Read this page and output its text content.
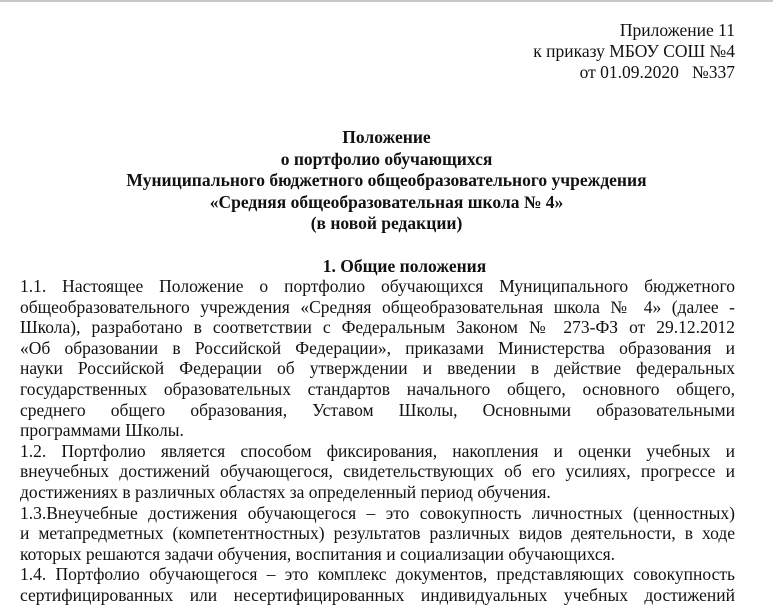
Приложение 11
к приказу МБОУ СОШ №4
от 01.09.2020   №337
Положение
о портфолио обучающихся
Муниципального бюджетного общеобразовательного учреждения
«Средняя общеобразовательная школа № 4»
(в новой редакции)
1. Общие положения
1.1. Настоящее Положение о портфолио обучающихся Муниципального бюджетного
общеобразовательного учреждения «Средняя общеобразовательная школа № 4» (далее -
Школа), разработано в соответствии с Федеральным Законом № 273-ФЗ от 29.12.2012
«Об образовании в Российской Федерации», приказами Министерства образования и
науки Российской Федерации об утверждении и введении в действие федеральных
государственных образовательных стандартов начального общего, основного общего,
среднего общего образования, Уставом Школы, Основными образовательными
программами Школы.
1.2. Портфолио является способом фиксирования, накопления и оценки учебных и
внеучебных достижений обучающегося, свидетельствующих об его усилиях, прогрессе и
достижениях в различных областях за определенный период обучения.
1.3.Внеучебные достижения обучающегося – это совокупность личностных (ценностных)
и метапредметных (компетентностных) результатов различных видов деятельности, в ходе
которых решаются задачи обучения, воспитания и социализации обучающихся.
1.4. Портфолио обучающегося – это комплекс документов, представляющих совокупность
сертифицированных или несертифицированных индивидуальных учебных достижений
